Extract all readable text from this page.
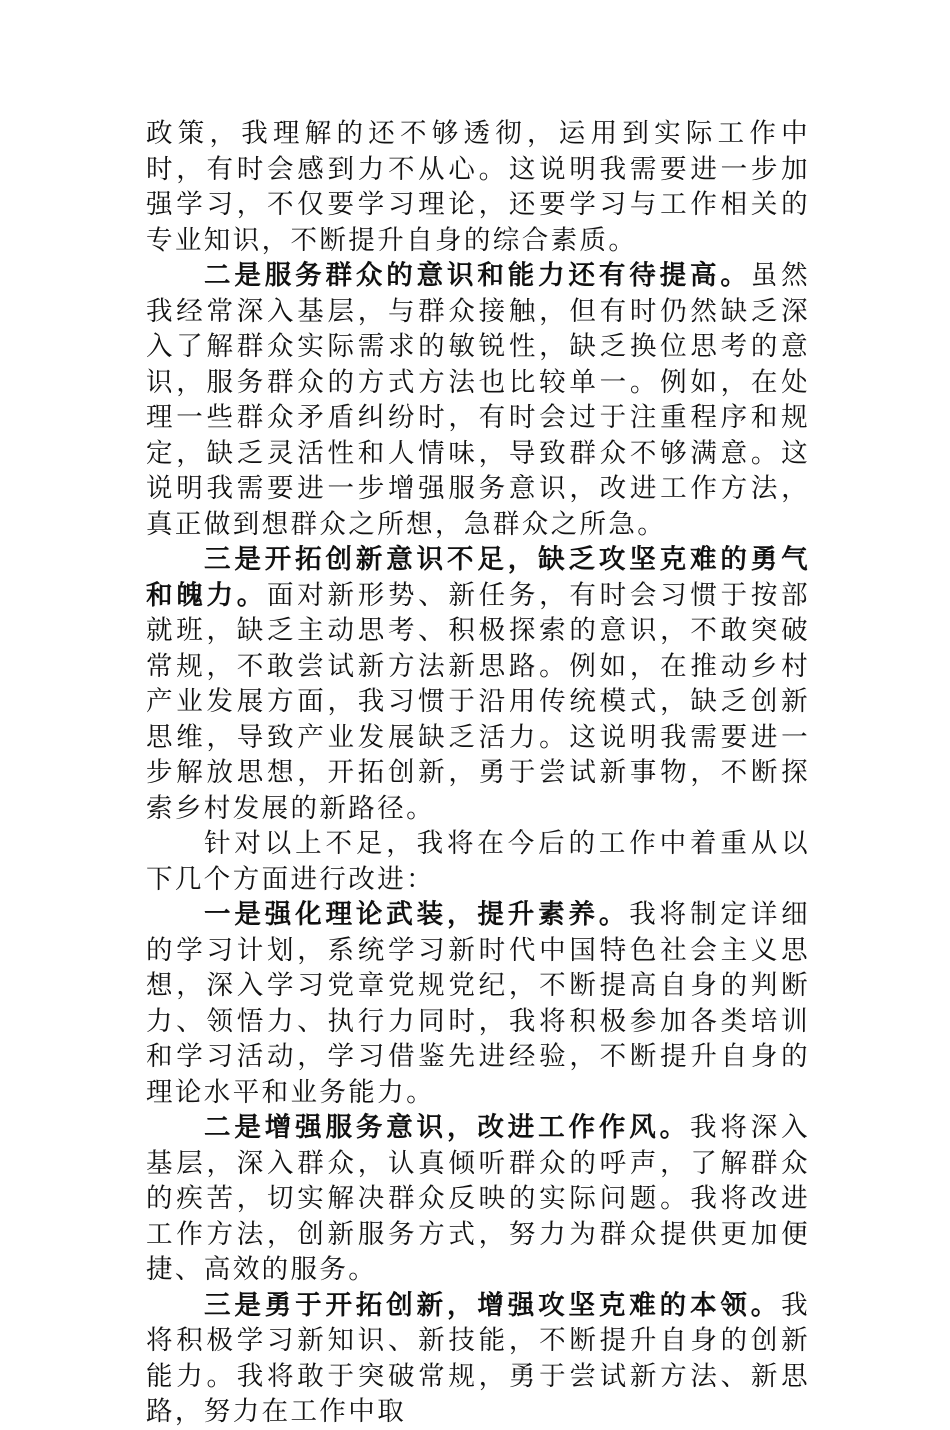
政策，我理解的还不够透彻，运用到实际工作中时，有时会感到力不从心。这说明我需要进一步加强学习，不仅要学习理论，还要学习与工作相关的专业知识，不断提升自身的综合素质。

二是服务群众的意识和能力还有待提高。虽然我经常深入基层，与群众接触，但有时仍然缺乏深入了解群众实际需求的敏锐性，缺乏换位思考的意识，服务群众的方式方法也比较单一。例如，在处理一些群众矛盾纠纷时，有时会过于注重程序和规定，缺乏灵活性和人情味，导致群众不够满意。这说明我需要进一步增强服务意识，改进工作方法，真正做到想群众之所想，急群众之所急。

三是开拓创新意识不足，缺乏攻坚克难的勇气和魄力。面对新形势、新任务，有时会习惯于按部就班，缺乏主动思考、积极探索的意识，不敢突破常规，不敢尝试新方法新思路。例如，在推动乡村产业发展方面，我习惯于沿用传统模式，缺乏创新思维，导致产业发展缺乏活力。这说明我需要进一步解放思想，开拓创新，勇于尝试新事物，不断探索乡村发展的新路径。

针对以上不足，我将在今后的工作中着重从以下几个方面进行改进：

一是强化理论武装，提升素养。我将制定详细的学习计划，系统学习新时代中国特色社会主义思想，深入学习党章党规党纪，不断提高自身的判断力、领悟力、执行力同时，我将积极参加各类培训和学习活动，学习借鉴先进经验，不断提升自身的理论水平和业务能力。

二是增强服务意识，改进工作作风。我将深入基层，深入群众，认真倾听群众的呼声，了解群众的疾苦，切实解决群众反映的实际问题。我将改进工作方法，创新服务方式，努力为群众提供更加便捷、高效的服务。

三是勇于开拓创新，增强攻坚克难的本领。我将积极学习新知识、新技能，不断提升自身的创新能力。我将敢于突破常规，勇于尝试新方法、新思路，努力在工作中取
